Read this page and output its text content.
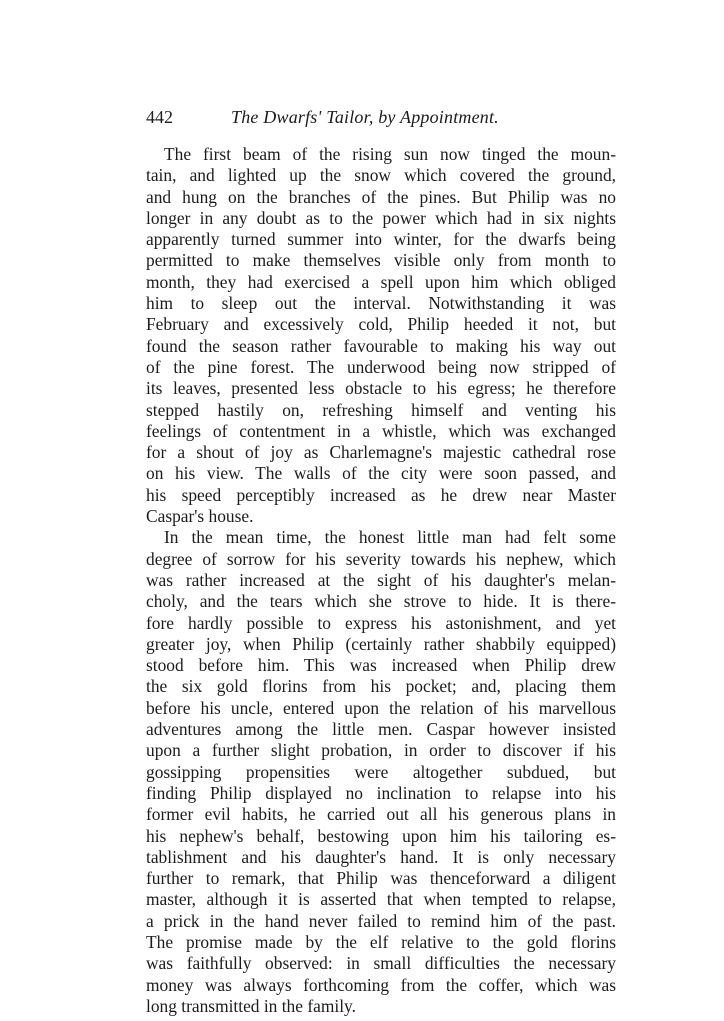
442	The Dwarfs' Tailor, by Appointment.
The first beam of the rising sun now tinged the moun-
tain, and lighted up the snow which covered the ground,
and hung on the branches of the pines. But Philip was no
longer in any doubt as to the power which had in six nights
apparently turned summer into winter, for the dwarfs being
permitted to make themselves visible only from month to
month, they had exercised a spell upon him which obliged
him to sleep out the interval. Notwithstanding it was
February and excessively cold, Philip heeded it not, but
found the season rather favourable to making his way out
of the pine forest. The underwood being now stripped of
its leaves, presented less obstacle to his egress; he therefore
stepped hastily on, refreshing himself and venting his
feelings of contentment in a whistle, which was exchanged
for a shout of joy as Charlemagne's majestic cathedral rose
on his view. The walls of the city were soon passed, and
his speed perceptibly increased as he drew near Master
Caspar's house.
In the mean time, the honest little man had felt some
degree of sorrow for his severity towards his nephew, which
was rather increased at the sight of his daughter's melan-
choly, and the tears which she strove to hide. It is there-
fore hardly possible to express his astonishment, and yet
greater joy, when Philip (certainly rather shabbily equipped)
stood before him. This was increased when Philip drew
the six gold florins from his pocket; and, placing them
before his uncle, entered upon the relation of his marvellous
adventures among the little men. Caspar however insisted
upon a further slight probation, in order to discover if his
gossipping propensities were altogether subdued, but
finding Philip displayed no inclination to relapse into his
former evil habits, he carried out all his generous plans in
his nephew's behalf, bestowing upon him his tailoring es-
tablishment and his daughter's hand. It is only necessary
further to remark, that Philip was thenceforward a diligent
master, although it is asserted that when tempted to relapse,
a prick in the hand never failed to remind him of the past.
The promise made by the elf relative to the gold florins
was faithfully observed: in small difficulties the necessary
money was always forthcoming from the coffer, which was
long transmitted in the family.
